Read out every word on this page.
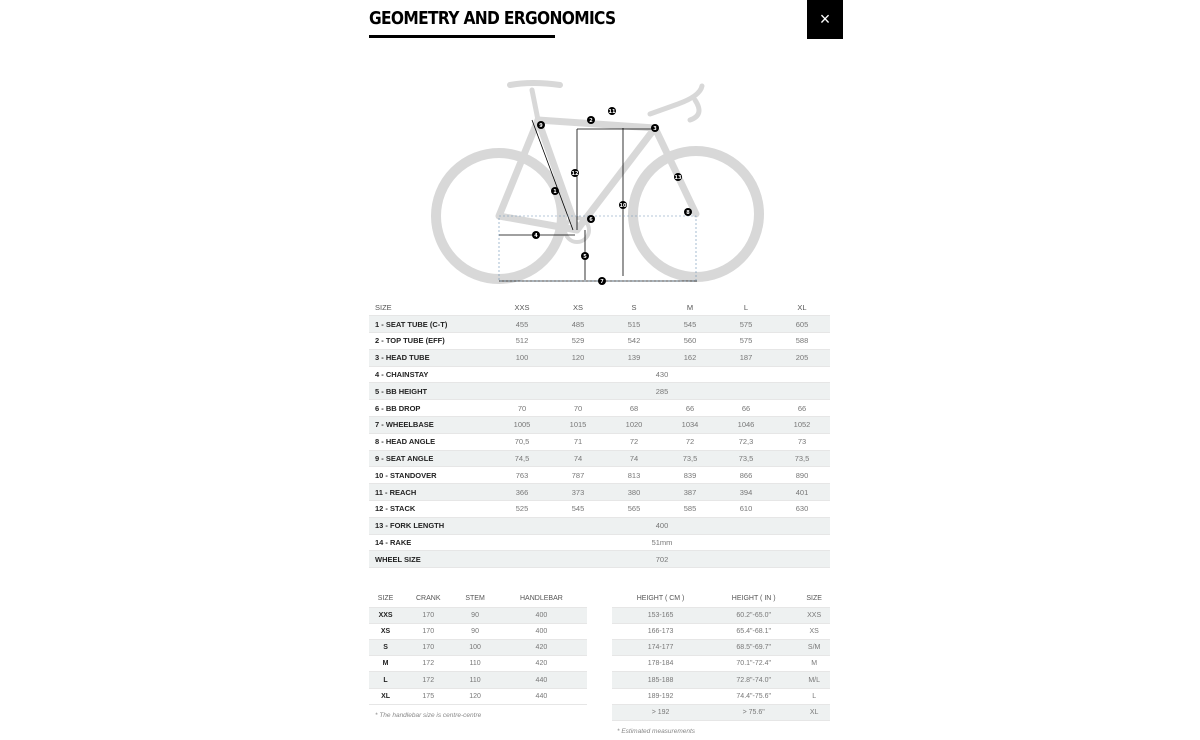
GEOMETRY AND ERGONOMICS	×
1
2
3
4
5
6
7
8
9
10
11
12
13
SIZE	XXS	XS	S	M	L	XL
1 - SEAT TUBE (C-T)	455	485	515	545	575	605
2 - TOP TUBE (EFF)	512	529	542	560	575	588
3 - HEAD TUBE	100	120	139	162	187	205
4 - CHAINSTAY	430					
5 - BB HEIGHT	285					
6 - BB DROP	70	70	68	66	66	66
7 - WHEELBASE	1005	1015	1020	1034	1046	1052
8 - HEAD ANGLE	70,5	71	72	72	72,3	73
9 - SEAT ANGLE	74,5	74	74	73,5	73,5	73,5
10 - STANDOVER	763	787	813	839	866	890
11 - REACH	366	373	380	387	394	401
12 - STACK	525	545	565	585	610	630
13 - FORK LENGTH	400					
14 - RAKE	51mm					
WHEEL SIZE	702					
SIZE	CRANK	STEM	HANDLEBAR
XXS	170	90	400
XS	170	90	400
S	170	100	420
M	172	110	420
L	172	110	440
XL	175	120	440
* The handlebar size is centre-centre
HEIGHT ( CM )	HEIGHT ( IN )	SIZE
153-165	60.2"-65.0"	XXS
166-173	65.4"-68.1"	XS
174-177	68.5"-69.7"	S/M
178-184	70.1"-72.4"	M
185-188	72.8"-74.0"	M/L
189-192	74.4"-75.6"	L
> 192	> 75.6"	XL
* Estimated measurements
